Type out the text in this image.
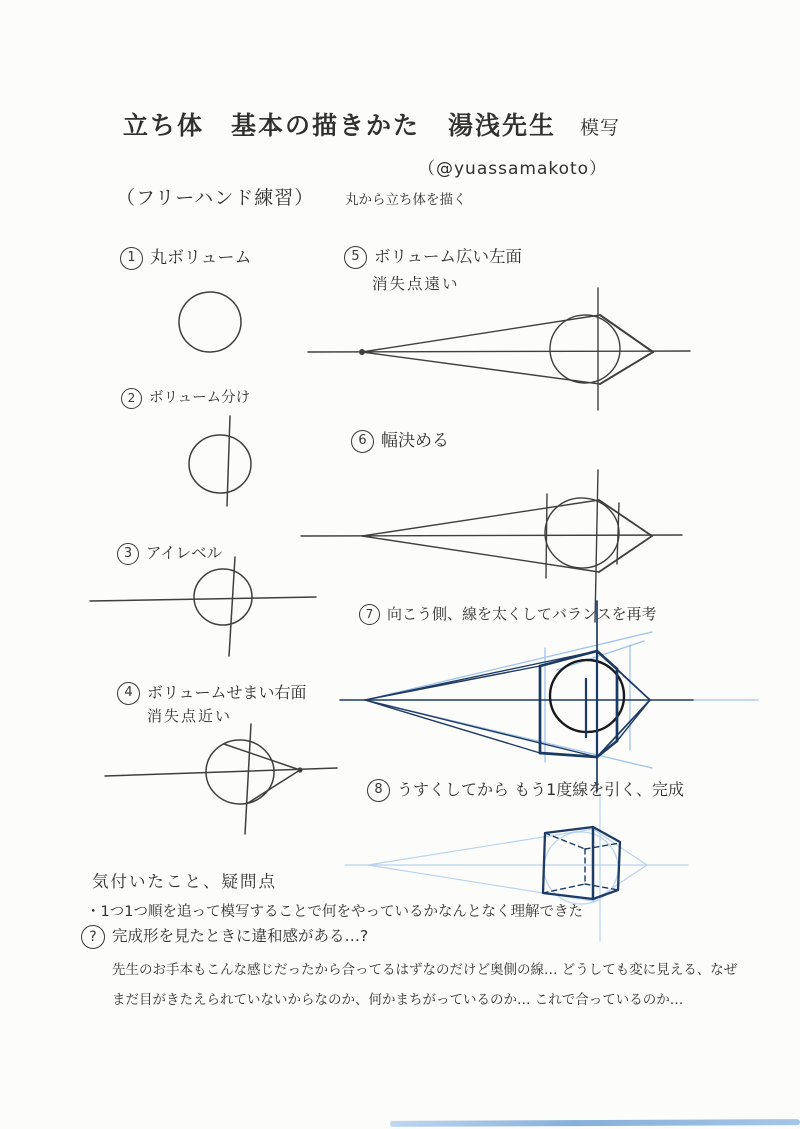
立ち体　基本の描きかた 湯浅先生 模写
（@yuassamakoto）
（フリーハンド練習） 丸から立ち体を描く
1 丸ボリューム
2 ボリューム分け
3 アイレベル
4 ボリュームせまい右面
消失点近い
5 ボリューム広い左面
消失点遠い
6 幅決める
7 向こう側、線を太くしてバランスを再考
8 うすくしてから もう1度線を引く、完成
気付いたこと、疑問点
・1つ1つ順を追って模写することで何をやっているかなんとなく理解できた
? 完成形を見たときに違和感がある…?
先生のお手本もこんな感じだったから合ってるはずなのだけど奥側の線… どうしても変に見える、なぜ
まだ目がきたえられていないからなのか、何かまちがっているのか… これで合っているのか…
